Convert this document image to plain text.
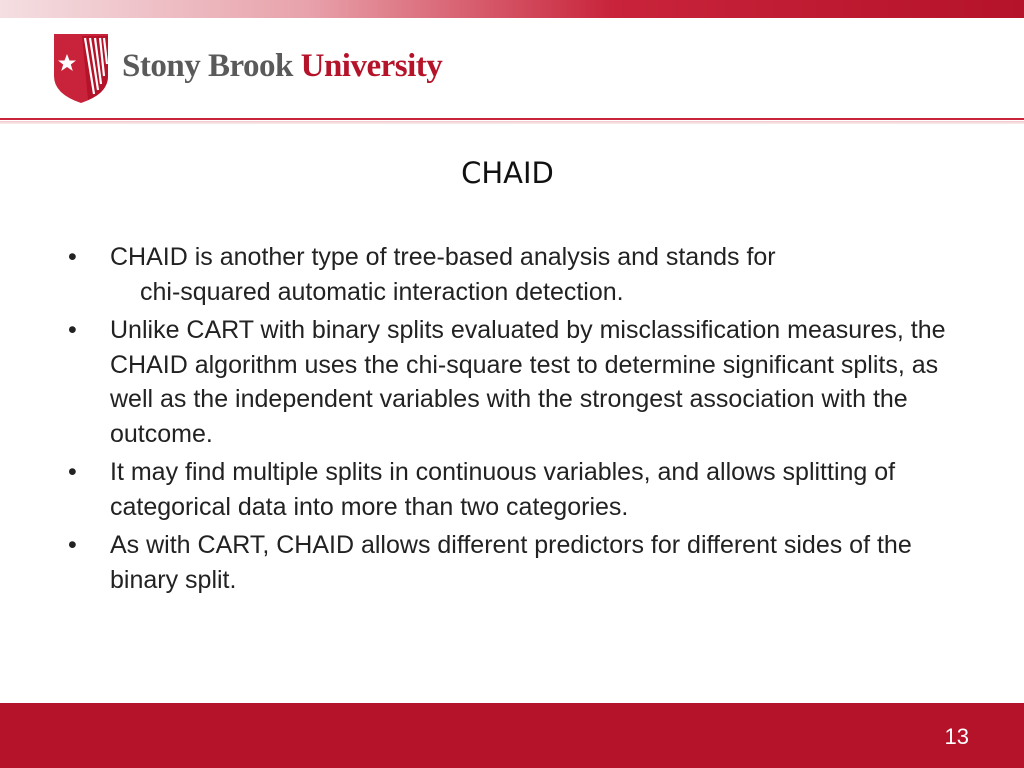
Stony Brook University
CHAID
•	CHAID is another type of tree-based analysis and stands for
chi-squared automatic interaction detection.
•	Unlike CART with binary splits evaluated by misclassification measures, the CHAID algorithm uses the chi-square test to determine significant splits, as well as the independent variables with the strongest association with the outcome.
•	It may find multiple splits in continuous variables, and allows splitting of categorical data into more than two categories.
•	As with CART, CHAID allows different predictors for different sides of the binary split.
13
